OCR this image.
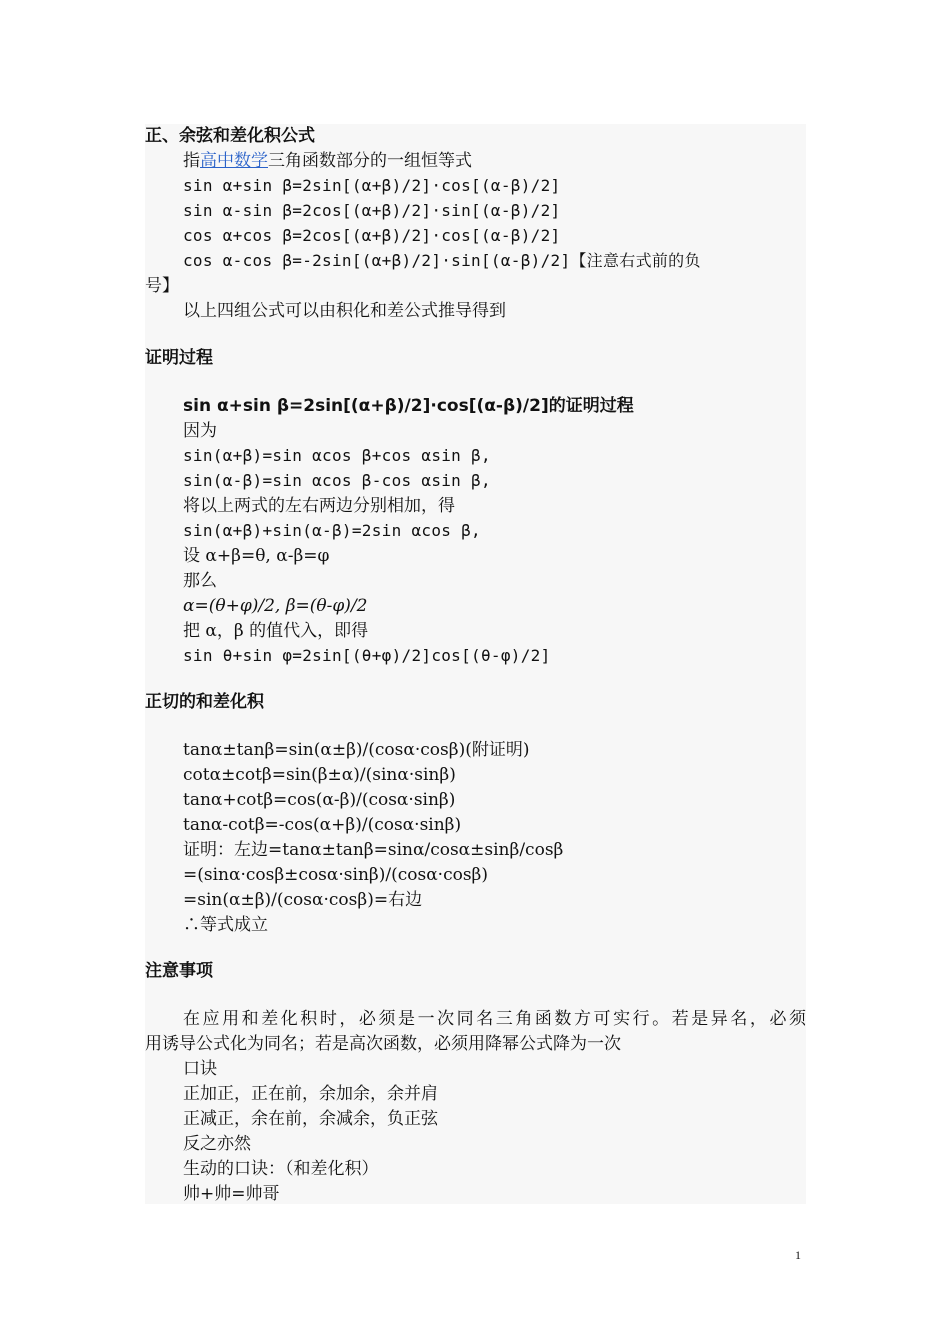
正、余弦和差化积公式
指高中数学三角函数部分的一组恒等式
sin α+sin β=2sin[(α+β)/2]·cos[(α-β)/2]
sin α-sin β=2cos[(α+β)/2]·sin[(α-β)/2]
cos α+cos β=2cos[(α+β)/2]·cos[(α-β)/2]
cos α-cos β=-2sin[(α+β)/2]·sin[(α-β)/2]【注意右式前的负
号】
以上四组公式可以由积化和差公式推导得到
证明过程
sin α+sin β=2sin[(α+β)/2]·cos[(α-β)/2]的证明过程
因为
sin(α+β)=sin αcos β+cos αsin β,
sin(α-β)=sin αcos β-cos αsin β,
将以上两式的左右两边分别相加，得
sin(α+β)+sin(α-β)=2sin αcos β,
设 α+β=θ, α-β=φ
那么
α=(θ+φ)/2, β=(θ-φ)/2
把 α，β 的值代入，即得
sin θ+sin φ=2sin[(θ+φ)/2]cos[(θ-φ)/2]
正切的和差化积
tanα±tanβ=sin(α±β)/(cosα·cosβ)(附证明)
cotα±cotβ=sin(β±α)/(sinα·sinβ)
tanα+cotβ=cos(α-β)/(cosα·sinβ)
tanα-cotβ=-cos(α+β)/(cosα·sinβ)
证明：左边=tanα±tanβ=sinα/cosα±sinβ/cosβ
=(sinα·cosβ±cosα·sinβ)/(cosα·cosβ)
=sin(α±β)/(cosα·cosβ)=右边
∴等式成立
注意事项
在应用和差化积时，必须是一次同名三角函数方可实行。若是异名，必须
用诱导公式化为同名；若是高次函数，必须用降幂公式降为一次
口诀
正加正，正在前，余加余，余并肩
正减正，余在前，余减余，负正弦
反之亦然
生动的口诀：（和差化积）
帅+帅=帅哥
1
